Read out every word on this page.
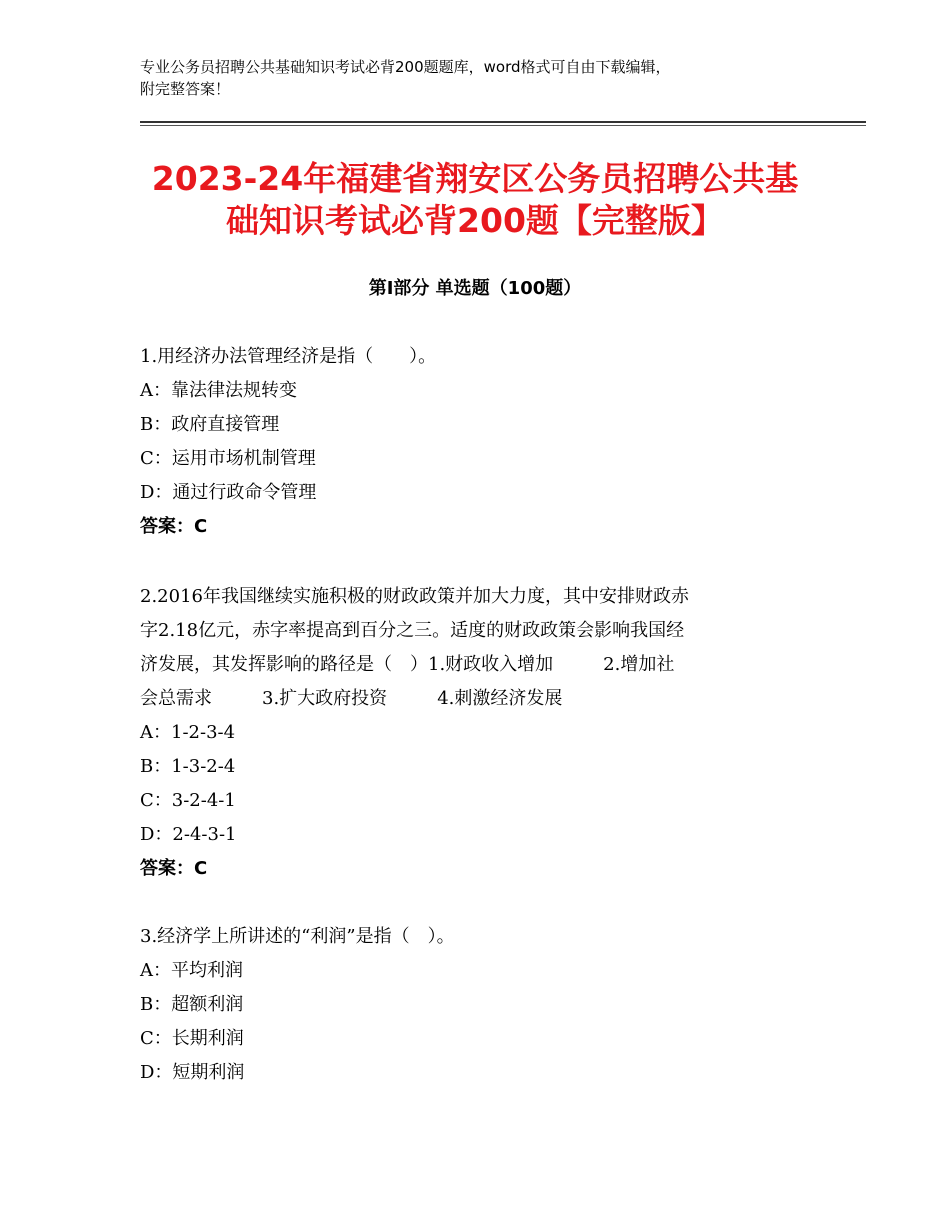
专业公务员招聘公共基础知识考试必背200题题库，word格式可自由下载编辑，
附完整答案！
2023-24年福建省翔安区公务员招聘公共基
础知识考试必背200题【完整版】
第Ⅰ部分 单选题（100题）
1.用经济办法管理经济是指（　　）。
A：靠法律法规转变
B：政府直接管理
C：运用市场机制管理
D：通过行政命令管理
答案：C
2.2016年我国继续实施积极的财政政策并加大力度，其中安排财政赤
字2.18亿元，赤字率提高到百分之三。适度的财政政策会影响我国经
济发展，其发挥影响的路径是（　）1.财政收入增加	2.增加社
会总需求	3.扩大政府投资	4.刺激经济发展
A：1-2-3-4
B：1-3-2-4
C：3-2-4-1
D：2-4-3-1
答案：C
3.经济学上所讲述的“利润”是指（　）。
A：平均利润
B：超额利润
C：长期利润
D：短期利润
